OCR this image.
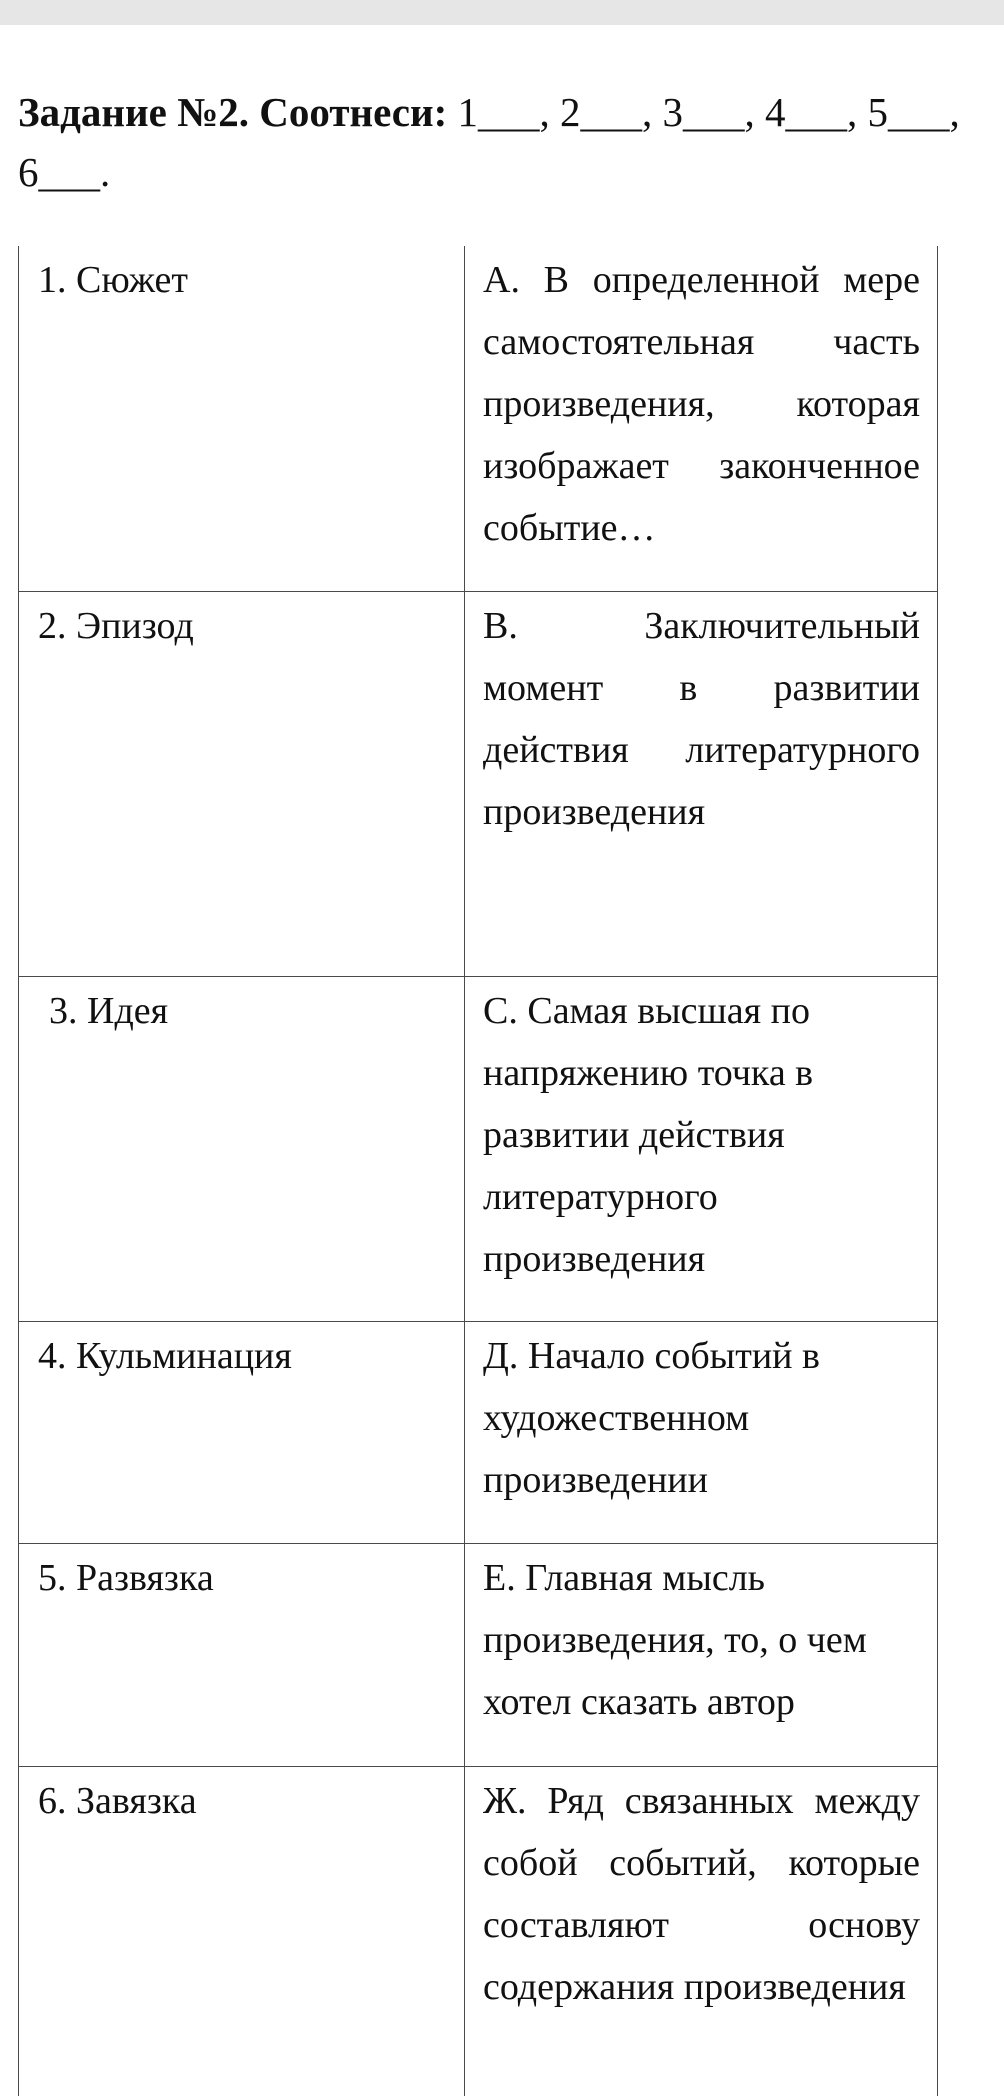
Задание №2. Соотнеси: 1___, 2___, 3___, 4___, 5___, 6___.
1. Сюжет	А. В определенной мере самостоятельная часть произведения, которая изображает законченное событие…

2. Эпизод	В. Заключительный момент в развитии действия литературного произведения

3. Идея	С. Самая высшая по напряжению точка в развитии действия литературного произведения

4. Кульминация	Д. Начало событий в художественном произведении

5. Развязка	Е. Главная мысль произведения, то, о чем хотел сказать автор

6. Завязка	Ж. Ряд связанных между собой событий, которые составляют основу содержания произведения
